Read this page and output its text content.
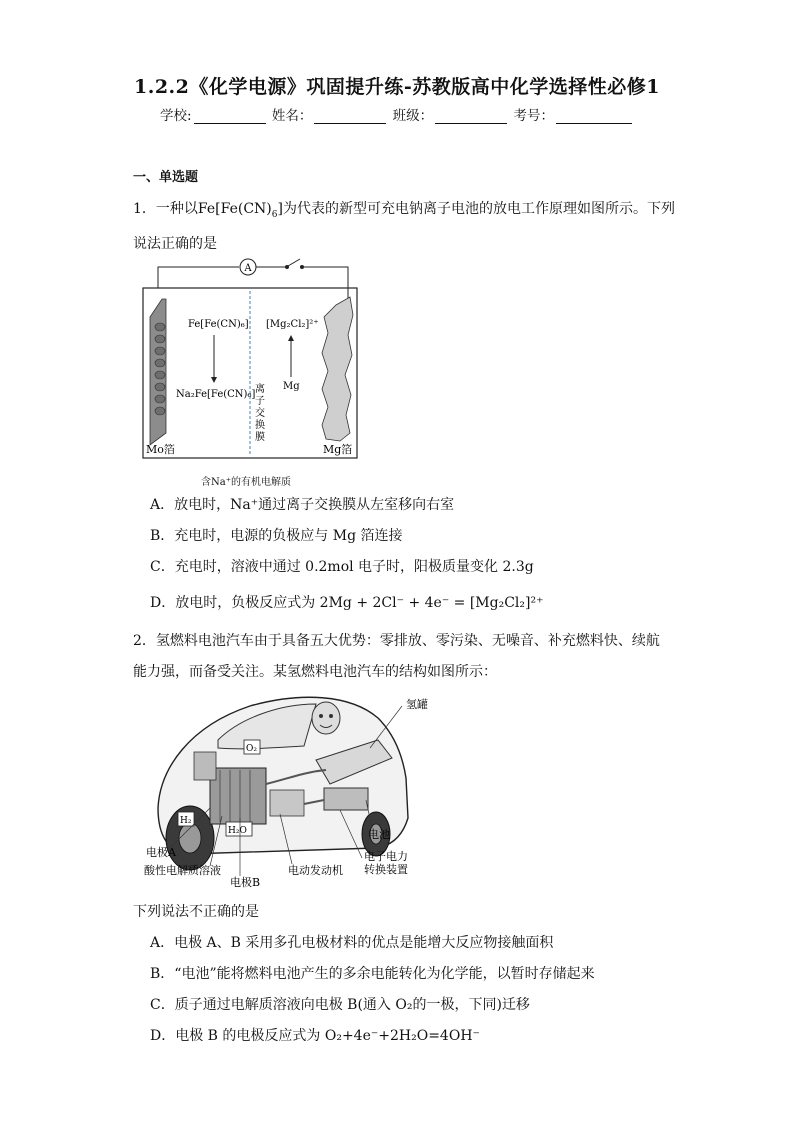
1.2.2《化学电源》巩固提升练-苏教版高中化学选择性必修1
学校:	姓名：	班级：	考号：
一、单选题
1．一种以$Fe[Fe(CN)_6]$为代表的新型可充电钠离子电池的放电工作原理如图所示。下列
说法正确的是
A
Fe[Fe(CN)₆]
Na₂Fe[Fe(CN)₆] 离
子
交
换
膜
[Mg₂Cl₂]²⁺
Mg
Mo箔	Mg箔
含Na⁺的有机电解质
A．放电时，Na⁺通过离子交换膜从左室移向右室
B．充电时，电源的负极应与 Mg 箔连接
C．充电时，溶液中通过 0.2mol 电子时，阳极质量变化 2.3g
D．放电时，负极反应式为 2Mg + 2Cl⁻ + 4e⁻ = [Mg₂Cl₂]²⁺
2．氢燃料电池汽车由于具备五大优势：零排放、零污染、无噪音、补充燃料快、续航
能力强，而备受关注。某氢燃料电池汽车的结构如图所示：
O₂
H₂
H₂O
氢罐
电池
电子电力
转换装置
电极A
酸性电解质溶液
电极B
电动发动机
下列说法不正确的是
A．电极 A、B 采用多孔电极材料的优点是能增大反应物接触面积
B．“电池”能将燃料电池产生的多余电能转化为化学能，以暂时存储起来
C．质子通过电解质溶液向电极 B(通入 O₂的一极，下同)迁移
D．电极 B 的电极反应式为 O₂+4e⁻+2H₂O=4OH⁻
